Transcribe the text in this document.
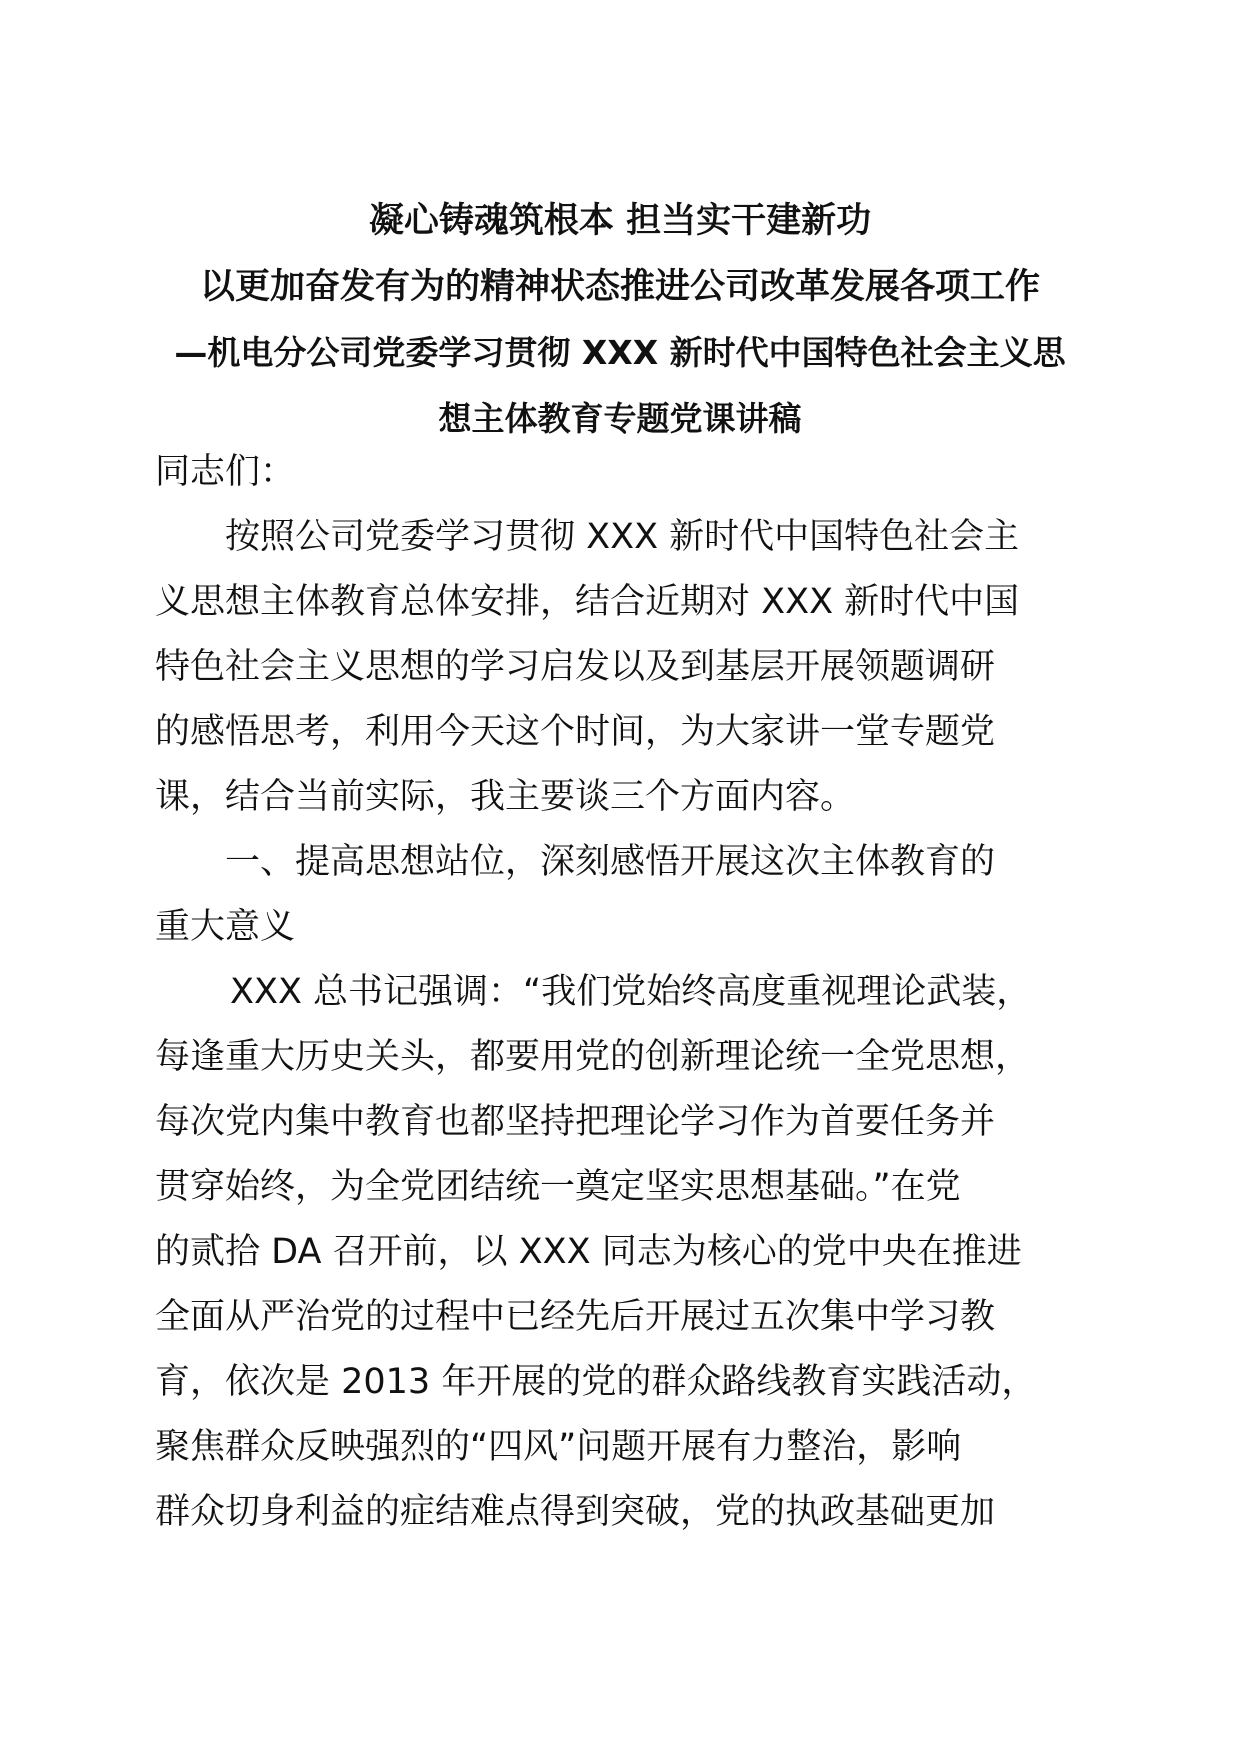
凝心铸魂筑根本 担当实干建新功
以更加奋发有为的精神状态推进公司改革发展各项工作
—机电分公司党委学习贯彻 XXX 新时代中国特色社会主义思
想主体教育专题党课讲稿
同志们：
按照公司党委学习贯彻 XXX 新时代中国特色社会主
义思想主体教育总体安排，结合近期对 XXX 新时代中国
特色社会主义思想的学习启发以及到基层开展领题调研
的感悟思考，利用今天这个时间，为大家讲一堂专题党
课，结合当前实际，我主要谈三个方面内容。
一、提高思想站位，深刻感悟开展这次主体教育的
重大意义
XXX 总书记强调：“我们党始终高度重视理论武装，
每逢重大历史关头，都要用党的创新理论统一全党思想，
每次党内集中教育也都坚持把理论学习作为首要任务并
贯穿始终，为全党团结统一奠定坚实思想基础。”在党
的贰拾 DA 召开前，以 XXX 同志为核心的党中央在推进
全面从严治党的过程中已经先后开展过五次集中学习教
育，依次是 2013 年开展的党的群众路线教育实践活动，
聚焦群众反映强烈的“四风”问题开展有力整治，影响
群众切身利益的症结难点得到突破，党的执政基础更加
